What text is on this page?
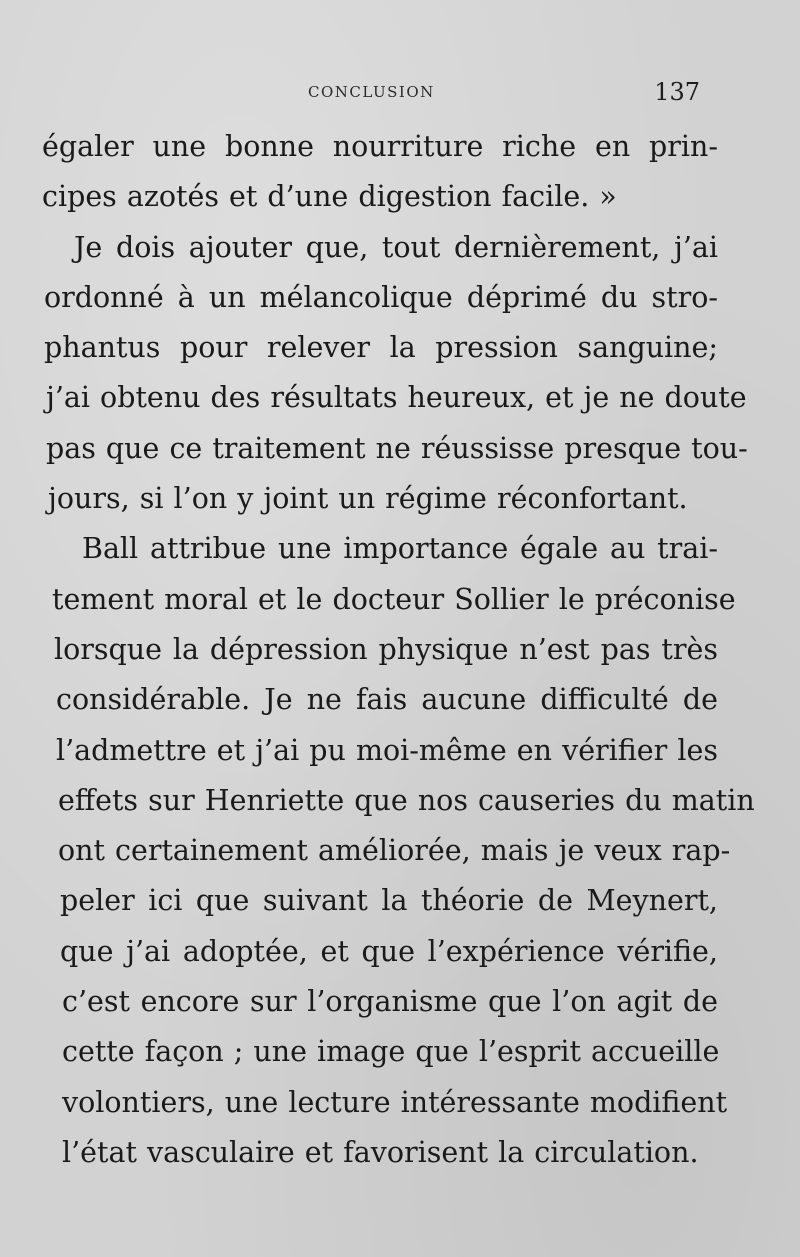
CONCLUSION	137
égaler une bonne nourriture riche en prin-
cipes azotés et d’une digestion facile. »
Je dois ajouter que, tout dernièrement, j’ai
ordonné à un mélancolique déprimé du stro-
phantus pour relever la pression sanguine;
j’ai obtenu des résultats heureux, et je ne doute
pas que ce traitement ne réussisse presque tou-
jours, si l’on y joint un régime réconfortant.
Ball attribue une importance égale au trai-
tement moral et le docteur Sollier le préconise
lorsque la dépression physique n’est pas très
considérable. Je ne fais aucune difficulté de
l’admettre et j’ai pu moi-même en vérifier les
effets sur Henriette que nos causeries du matin
ont certainement améliorée, mais je veux rap-
peler ici que suivant la théorie de Meynert,
que j’ai adoptée, et que l’expérience vérifie,
c’est encore sur l’organisme que l’on agit de
cette façon ; une image que l’esprit accueille
volontiers, une lecture intéressante modifient
l’état vasculaire et favorisent la circulation.
